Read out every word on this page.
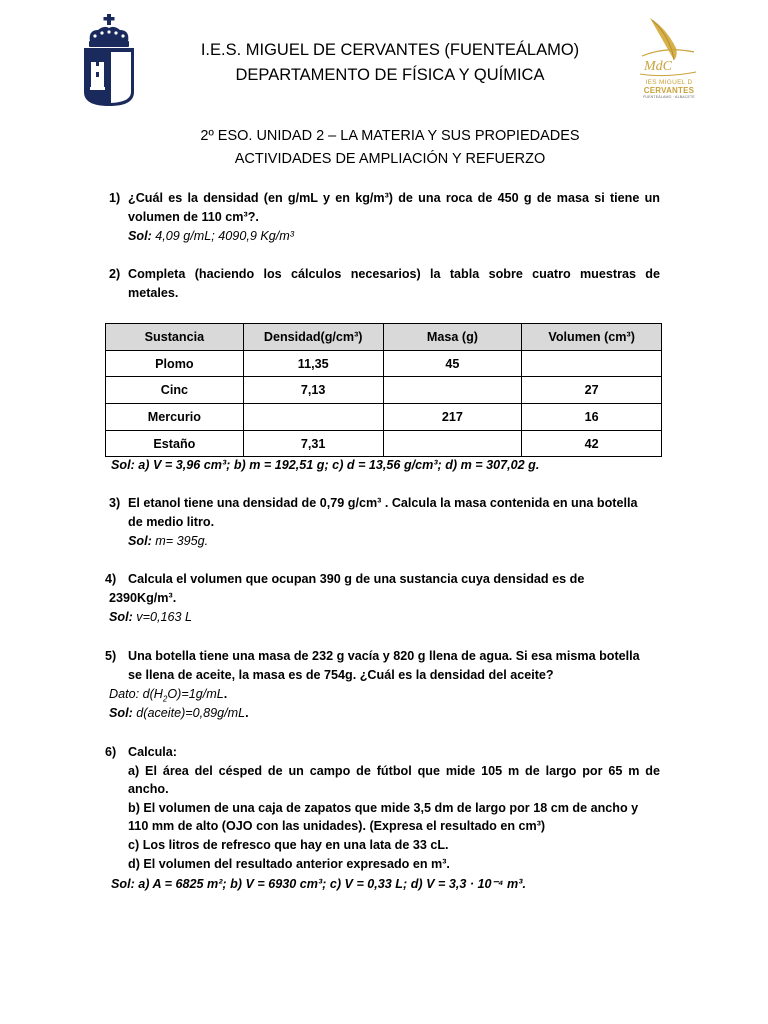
MdC
IES MIGUEL D
CERVANTES
FUENTEÁLAMO · ALBACETE
I.E.S. MIGUEL DE CERVANTES (FUENTEÁLAMO)
DEPARTAMENTO DE FÍSICA Y QUÍMICA
2º ESO. UNIDAD 2 – LA MATERIA Y SUS PROPIEDADES
ACTIVIDADES DE AMPLIACIÓN Y REFUERZO
1) ¿Cuál es la densidad (en g/mL y en kg/m³) de una roca de 450 g de masa si tiene un
volumen de 110 cm³?.
Sol: 4,09 g/mL; 4090,9 Kg/m³
2) Completa (haciendo los cálculos necesarios) la tabla sobre cuatro muestras de
metales.
Sustancia	Densidad(g/cm³)	Masa (g)	Volumen (cm³)
Plomo	11,35	45	
Cinc	7,13		27
Mercurio		217	16
Estaño	7,31		42
Sol: a) V = 3,96 cm³; b) m = 192,51 g; c) d = 13,56 g/cm³; d) m = 307,02 g.
3) El etanol tiene una densidad de 0,79 g/cm³ . Calcula la masa contenida en una botella
de medio litro.
Sol: m= 395g.
4) Calcula el volumen que ocupan 390 g de una sustancia cuya densidad es de
2390Kg/m³.
Sol: v=0,163 L
5) Una botella tiene una masa de 232 g vacía y 820 g llena de agua. Si esa misma botella
se llena de aceite, la masa es de 754g. ¿Cuál es la densidad del aceite?
Dato: $d(H_2O)=1g/mL$.
Sol: d(aceite)=0,89g/mL.
6) Calcula:
a) El área del césped de un campo de fútbol que mide 105 m de largo por 65 m de
ancho.
b) El volumen de una caja de zapatos que mide 3,5 dm de largo por 18 cm de ancho y
110 mm de alto (OJO con las unidades). (Expresa el resultado en cm³)
c) Los litros de refresco que hay en una lata de 33 cL.
d) El volumen del resultado anterior expresado en m³.
Sol: a) A = 6825 m²; b) V = 6930 cm³; c) V = 0,33 L; d) V = 3,3 · 10⁻⁴ m³.
